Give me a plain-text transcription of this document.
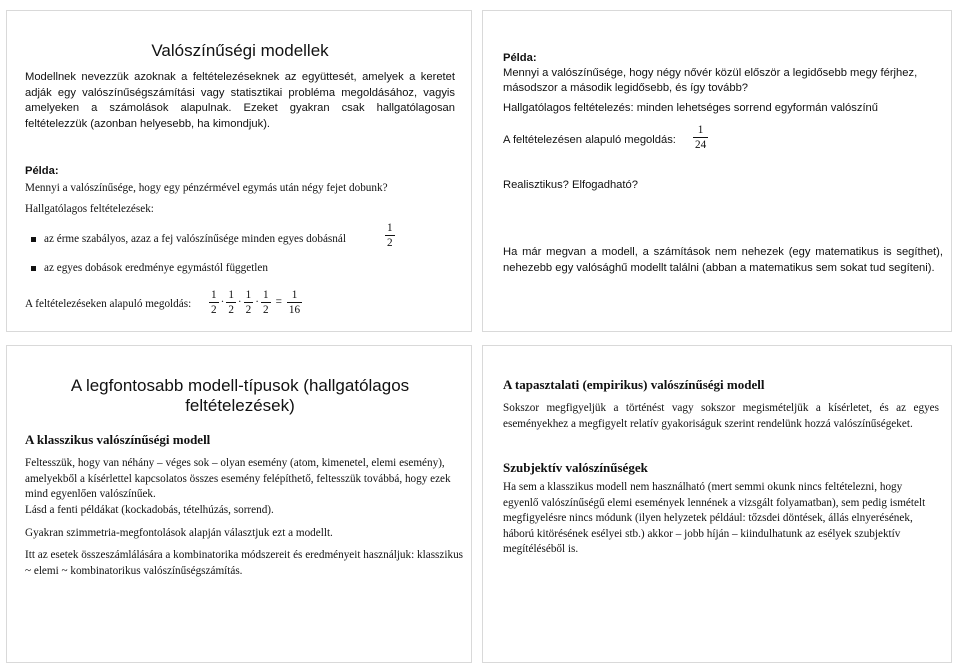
Valószínűségi modellek

Modellnek nevezzük azoknak a feltételezéseknek az együttesét, amelyek a keretet adják egy valószínűségszámítási vagy statisztikai probléma megoldásához, vagyis amelyeken a számolások alapulnak. Ezeket gyakran csak hallgatólagosan feltételezzük (azonban helyesebb, ha kimondjuk).

Példa:
Mennyi a valószínűsége, hogy egy pénzérmével egymás után négy fejet dobunk?
Hallgatólagos feltételezések:
az érme szabályos, azaz a fej valószínűsége minden egyes dobásnál	$\frac{1}{2}$
az egyes dobások eredménye egymástól független
A feltételezéseken alapuló megoldás: $\frac{1}{2} \cdot \frac{1}{2} \cdot \frac{1}{2} \cdot \frac{1}{2} = \frac{1}{16}$
Példa:

Mennyi a valószínűsége, hogy négy nővér közül először a legidősebb megy férjhez, másodszor a második legidősebb, és így tovább?

Hallgatólagos feltételezés: minden lehetséges sorrend egyformán valószínű
A feltételezésen alapuló megoldás: $\frac{1}{24}$
Realisztikus? Elfogadható?

Ha már megvan a modell, a számítások nem nehezek (egy matematikus is segíthet), nehezebb egy valósághű modellt találni (abban a matematikus sem sokat tud segíteni).

A legfontosabb modell-típusok (hallgatólagos feltételezések)
A klasszikus valószínűségi modell

Feltesszük, hogy van néhány – véges sok – olyan esemény (atom, kimenetel, elemi esemény), amelyekből a kísérlettel kapcsolatos összes esemény felépíthető, feltesszük továbbá, hogy ezek mind egyenlően valószínűek.

Lásd a fenti példákat (kockadobás, tételhúzás, sorrend).

Gyakran szimmetria-megfontolások alapján választjuk ezt a modellt.

Itt az esetek összeszámlálására a kombinatorika módszereit és eredményeit használjuk: klasszikus ~ elemi ~ kombinatorikus valószínűségszámítás.

A tapasztalati (empirikus) valószínűségi modell

Sokszor megfigyeljük a történést vagy sokszor megismételjük a kísérletet, és az egyes eseményekhez a megfigyelt relatív gyakoriságuk szerint rendelünk hozzá valószínűségeket.

Szubjektív valószínűségek

Ha sem a klasszikus modell nem használható (mert semmi okunk nincs feltételezni, hogy egyenlő valószínűségű elemi események lennének a vizsgált folyamatban), sem pedig ismételt megfigyelésre nincs módunk (ilyen helyzetek például: tőzsdei döntések, állás elnyerésének, háború kitörésének esélyei stb.) akkor – jobb híján – kiindulhatunk az esélyek szubjektív megítéléséből is.
